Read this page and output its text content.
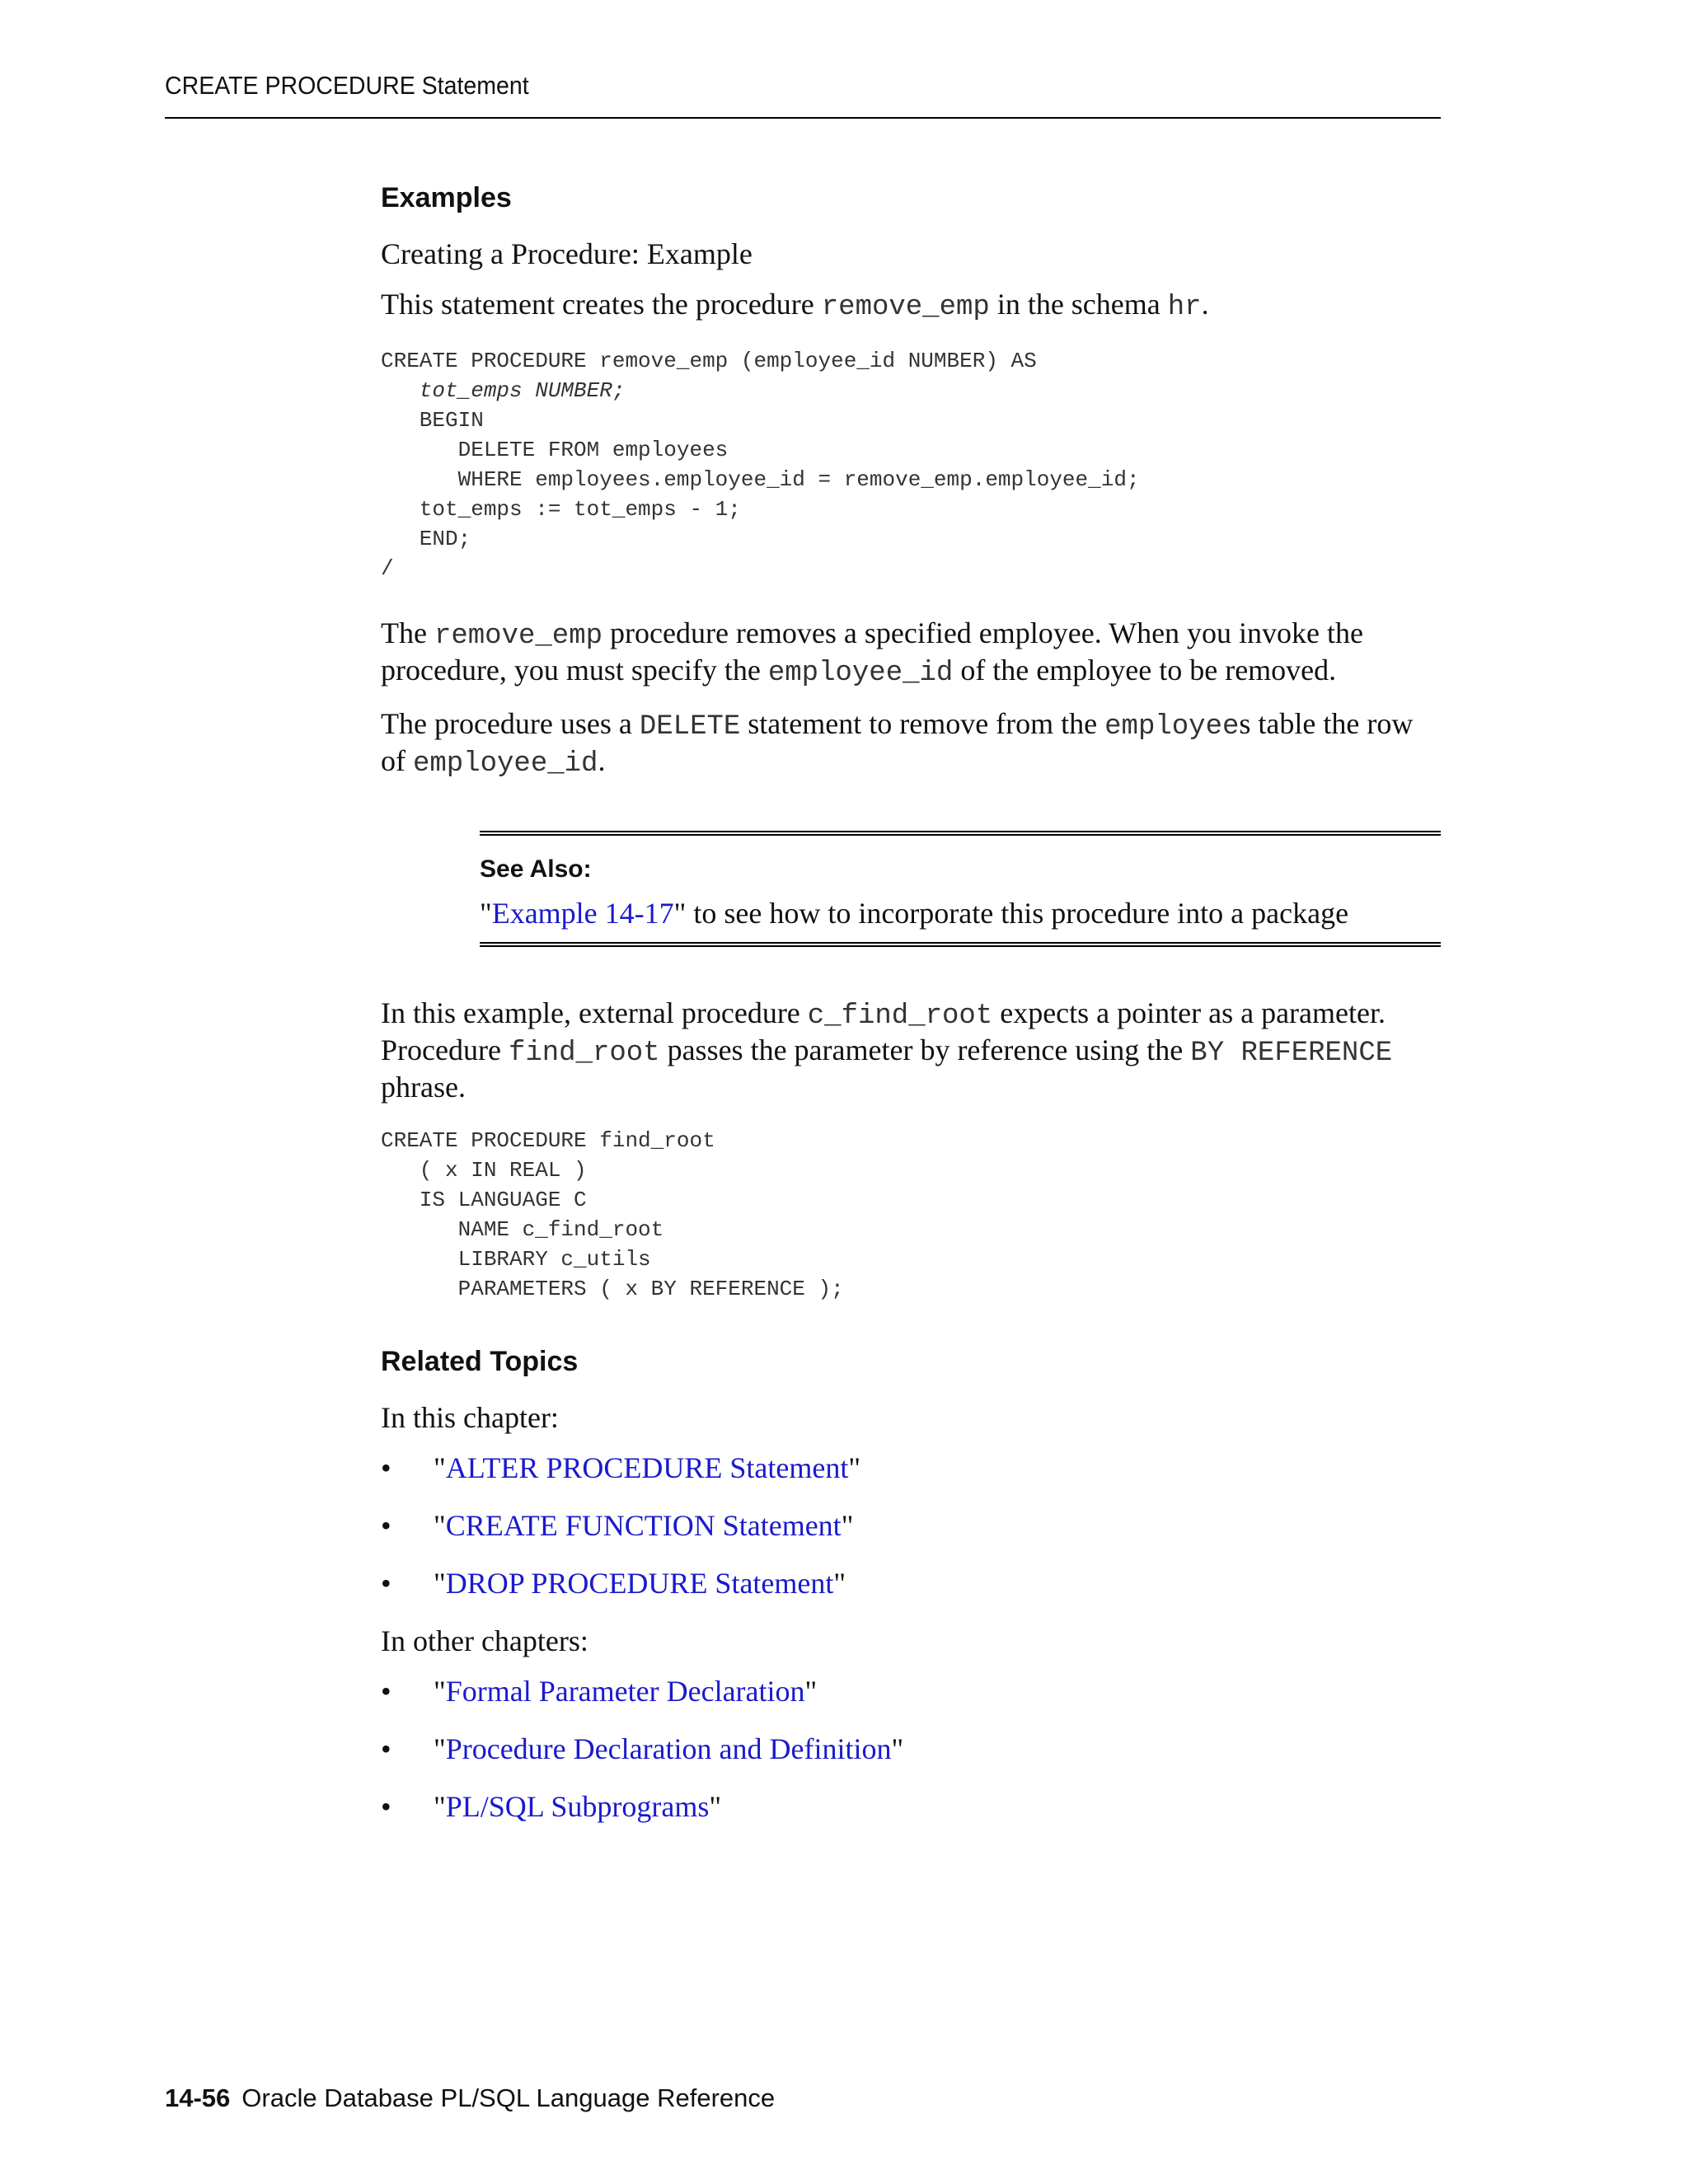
CREATE PROCEDURE Statement
Examples

Creating a Procedure: Example

This statement creates the procedure remove_emp in the schema hr.

CREATE PROCEDURE remove_emp (employee_id NUMBER) AS
tot_emps NUMBER;
BEGIN
DELETE FROM employees
WHERE employees.employee_id = remove_emp.employee_id;
tot_emps := tot_emps - 1;
END;
/

The remove_emp procedure removes a specified employee. When you invoke the procedure, you must specify the employee_id of the employee to be removed.

The procedure uses a DELETE statement to remove from the employees table the row of employee_id.

See Also:

"Example 14-17" to see how to incorporate this procedure into a package

In this example, external procedure c_find_root expects a pointer as a parameter. Procedure find_root passes the parameter by reference using the BY REFERENCE phrase.

CREATE PROCEDURE find_root
( x IN REAL )
IS LANGUAGE C
NAME c_find_root
LIBRARY c_utils
PARAMETERS ( x BY REFERENCE );
Related Topics

In this chapter:

• "ALTER PROCEDURE Statement"
• "CREATE FUNCTION Statement"
• "DROP PROCEDURE Statement"

In other chapters:

• "Formal Parameter Declaration"
• "Procedure Declaration and Definition"
• "PL/SQL Subprograms"
14-56 Oracle Database PL/SQL Language Reference
